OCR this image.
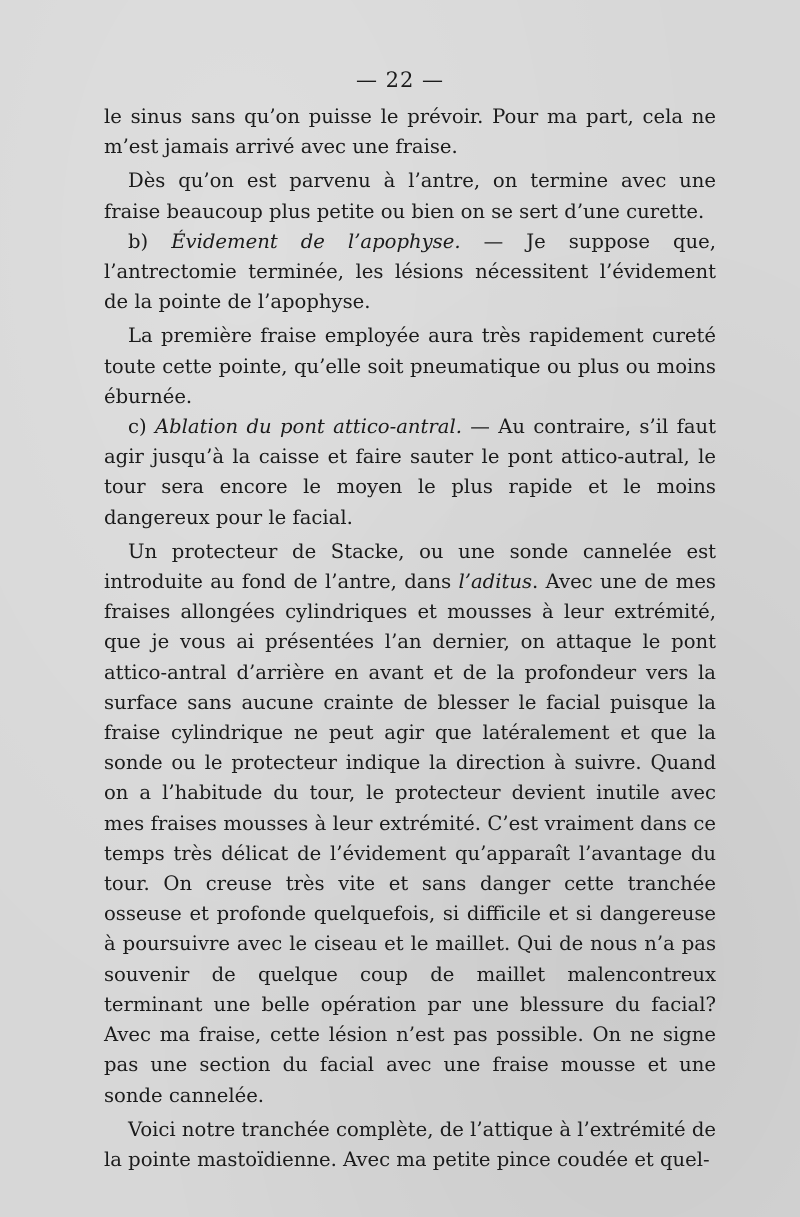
— 22 —

le sinus sans qu’on puisse le prévoir. Pour ma part, cela ne m’est jamais arrivé avec une fraise.

Dès qu’on est parvenu à l’antre, on termine avec une fraise beaucoup plus petite ou bien on se sert d’une curette.

b) Évidement de l’apophyse. — Je suppose que, l’antrectomie terminée, les lésions nécessitent l’évidement de la pointe de l’apophyse.

La première fraise employée aura très rapidement cureté toute cette pointe, qu’elle soit pneumatique ou plus ou moins éburnée.

c) Ablation du pont attico-antral. — Au contraire, s’il faut agir jusqu’à la caisse et faire sauter le pont attico-autral, le tour sera encore le moyen le plus rapide et le moins dangereux pour le facial.

Un protecteur de Stacke, ou une sonde cannelée est introduite au fond de l’antre, dans l’aditus. Avec une de mes fraises allongées cylindriques et mousses à leur extrémité, que je vous ai présentées l’an dernier, on attaque le pont attico-antral d’arrière en avant et de la profondeur vers la surface sans aucune crainte de blesser le facial puisque la fraise cylindrique ne peut agir que latéralement et que la sonde ou le protecteur indique la direction à suivre. Quand on a l’habitude du tour, le protecteur devient inutile avec mes fraises mousses à leur extrémité. C’est vraiment dans ce temps très délicat de l’évidement qu’apparaît l’avantage du tour. On creuse très vite et sans danger cette tranchée osseuse et profonde quelquefois, si difficile et si dangereuse à poursuivre avec le ciseau et le maillet. Qui de nous n’a pas souvenir de quelque coup de maillet malencontreux terminant une belle opération par une blessure du facial? Avec ma fraise, cette lésion n’est pas possible. On ne signe pas une section du facial avec une fraise mousse et une sonde cannelée.

Voici notre tranchée complète, de l’attique à l’extrémité de la pointe mastoïdienne. Avec ma petite pince coudée et quel-
